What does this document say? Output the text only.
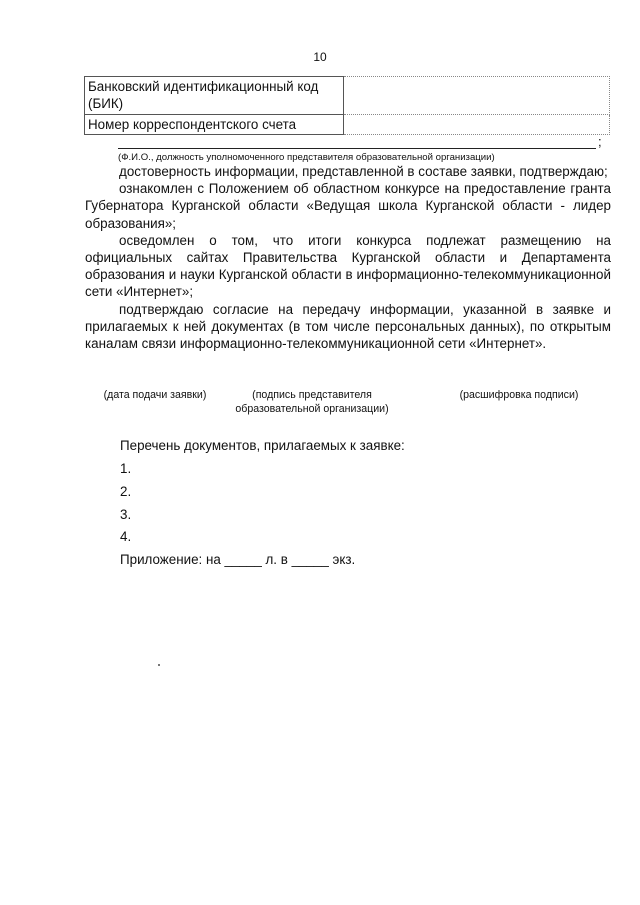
10
Банковский идентификационный код (БИК)	
Номер корреспондентского счета	
;
(Ф.И.О., должность уполномоченного представителя образовательной организации)

достоверность информации, представленной в составе заявки, подтверждаю;

ознакомлен с Положением об областном конкурсе на предоставление гранта Губернатора Курганской области «Ведущая школа Курганской области - лидер образования»;

осведомлен о том, что итоги конкурса подлежат размещению на официальных сайтах Правительства Курганской области и Департамента образования и науки Курганской области в информационно-телекоммуникационной сети «Интернет»;

подтверждаю согласие на передачу информации, указанной в заявке и прилагаемых к ней документах (в том числе персональных данных), по открытым каналам связи информационно-телекоммуникационной сети «Интернет».

(дата подачи заявки)	(подпись представителя
образовательной организации)
(расшифровка подписи)
Перечень документов, прилагаемых к заявке:
1.
2.
3.
4.
Приложение: на _____ л. в _____ экз.
